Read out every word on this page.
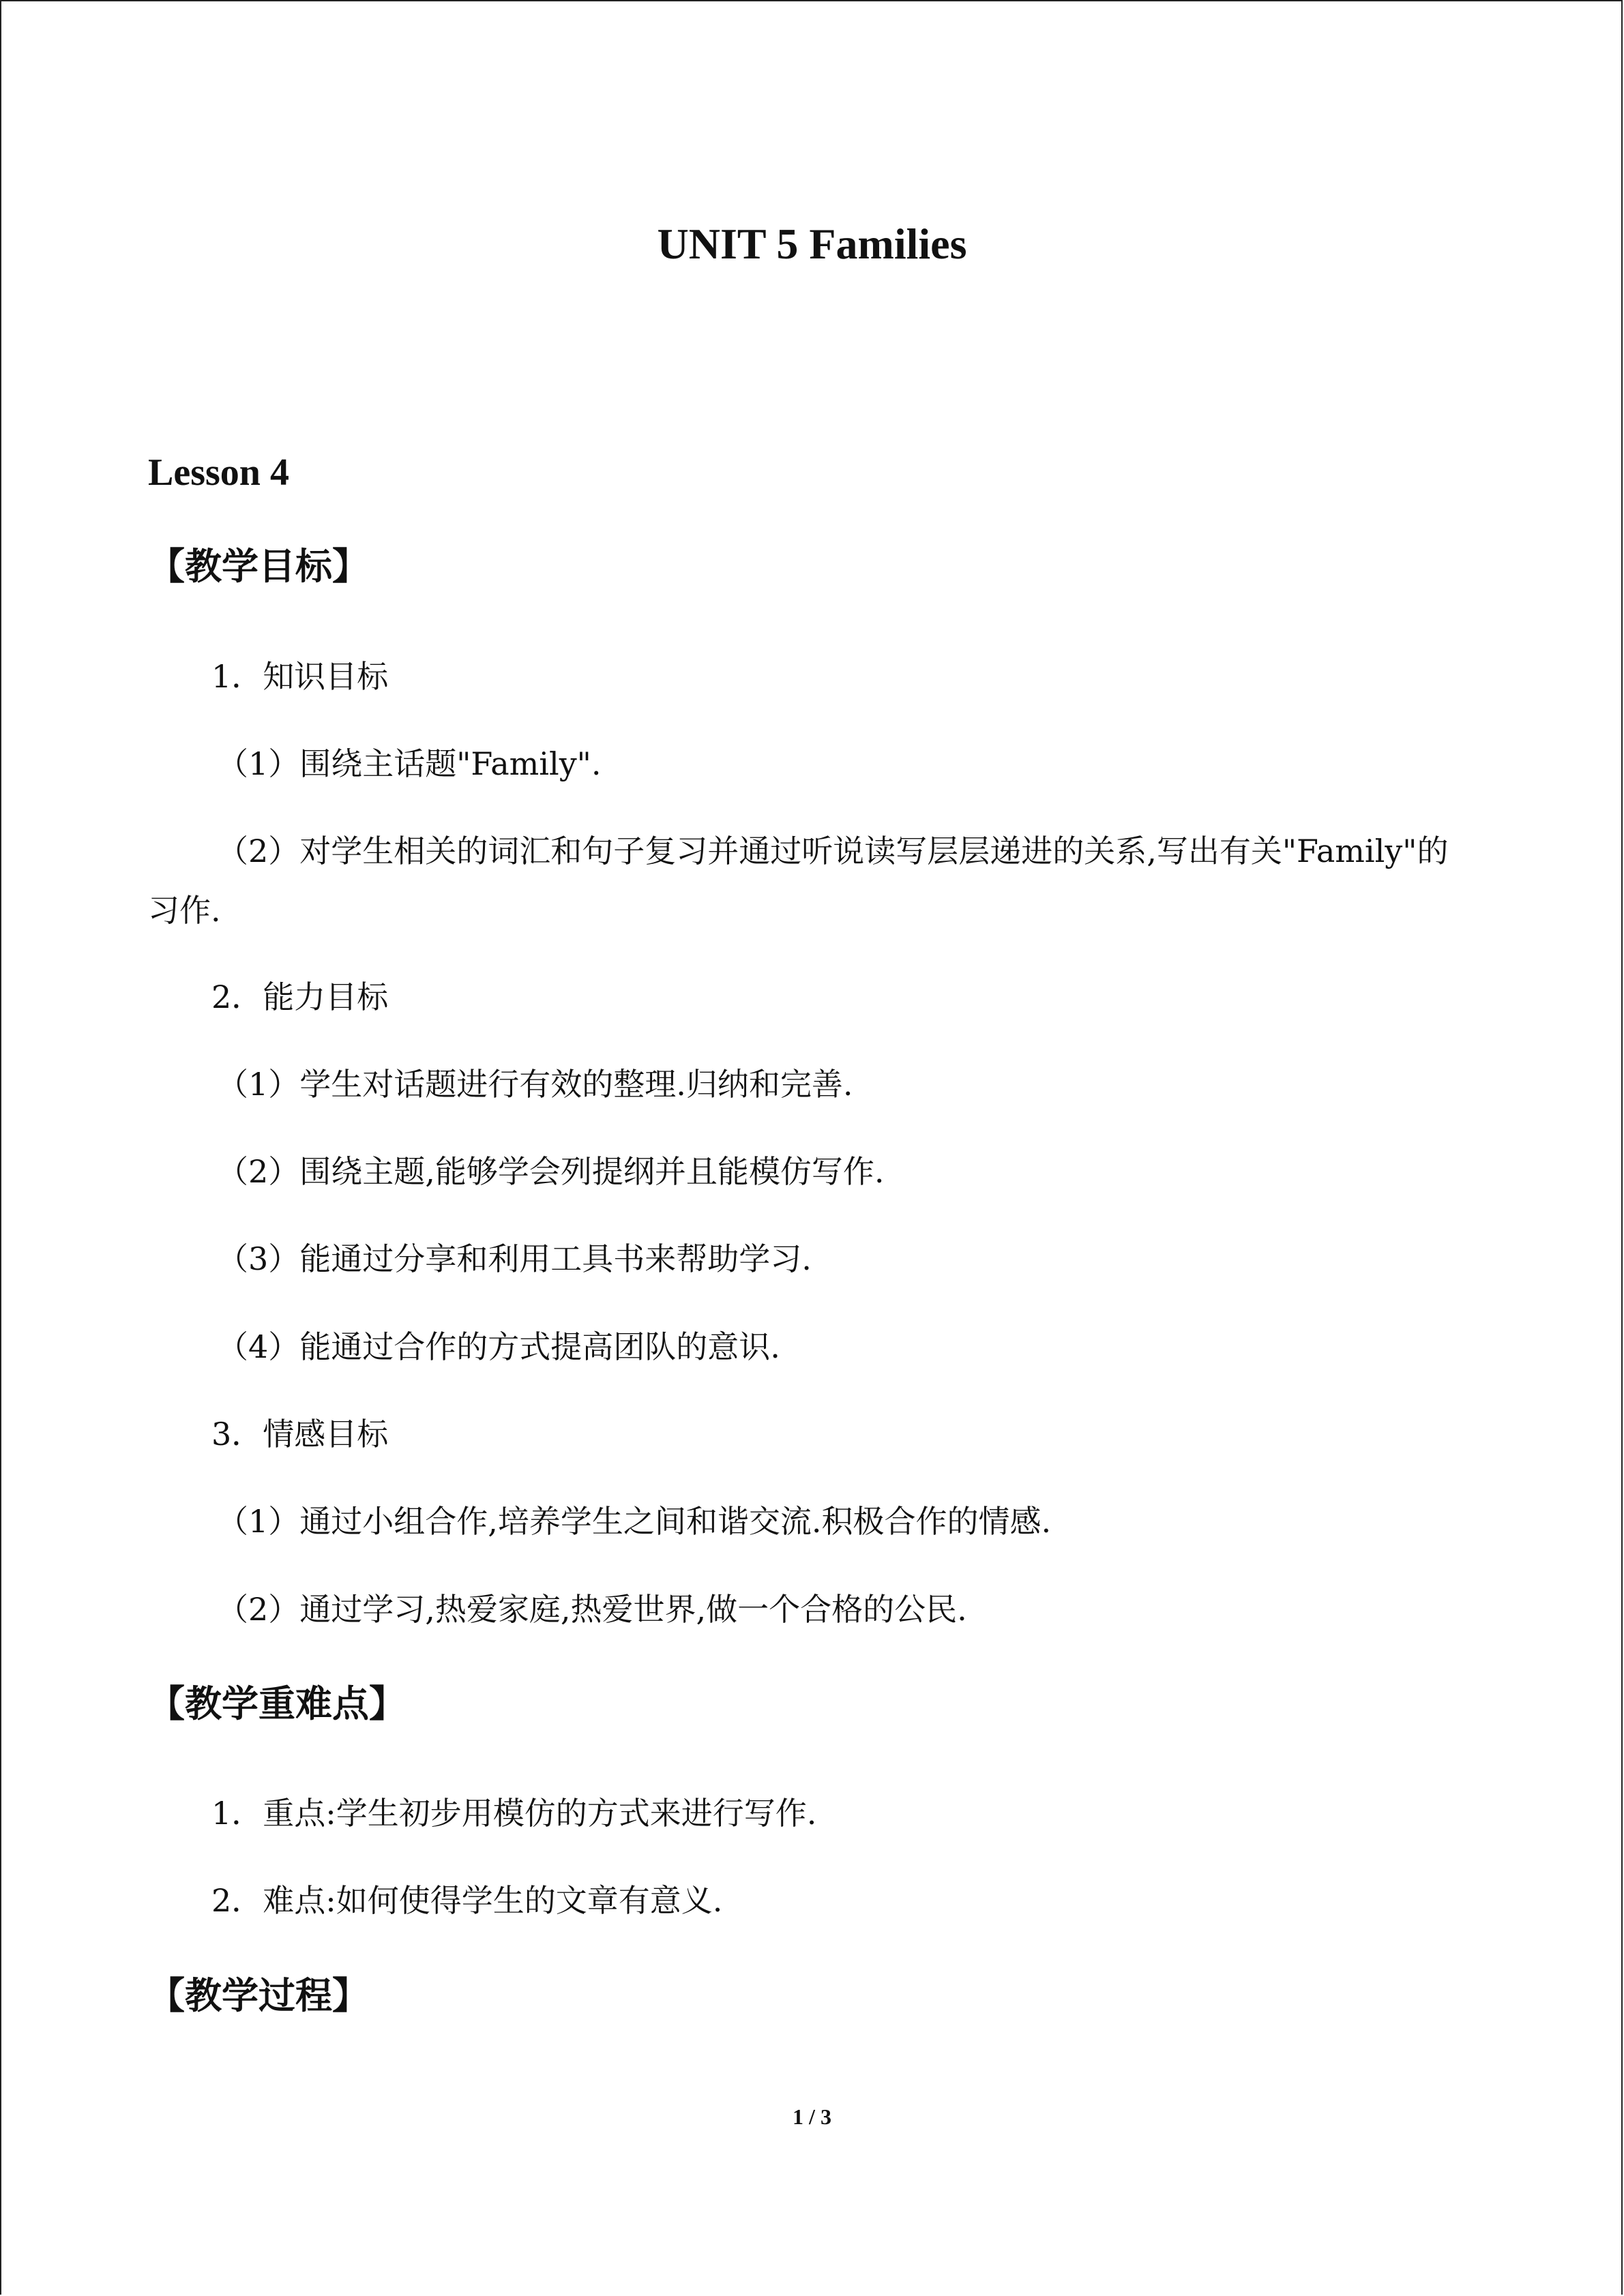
UNIT 5 Families
Lesson 4
【教学目标】
1．知识目标
（1）围绕主话题"Family".
（2）对学生相关的词汇和句子复习并通过听说读写层层递进的关系,写出有关"Family"的
习作.
2．能力目标
（1）学生对话题进行有效的整理.归纳和完善.
（2）围绕主题,能够学会列提纲并且能模仿写作.
（3）能通过分享和利用工具书来帮助学习.
（4）能通过合作的方式提高团队的意识.
3．情感目标
（1）通过小组合作,培养学生之间和谐交流.积极合作的情感.
（2）通过学习,热爱家庭,热爱世界,做一个合格的公民.
【教学重难点】
1．重点:学生初步用模仿的方式来进行写作.
2．难点:如何使得学生的文章有意义.
【教学过程】
1 / 3
